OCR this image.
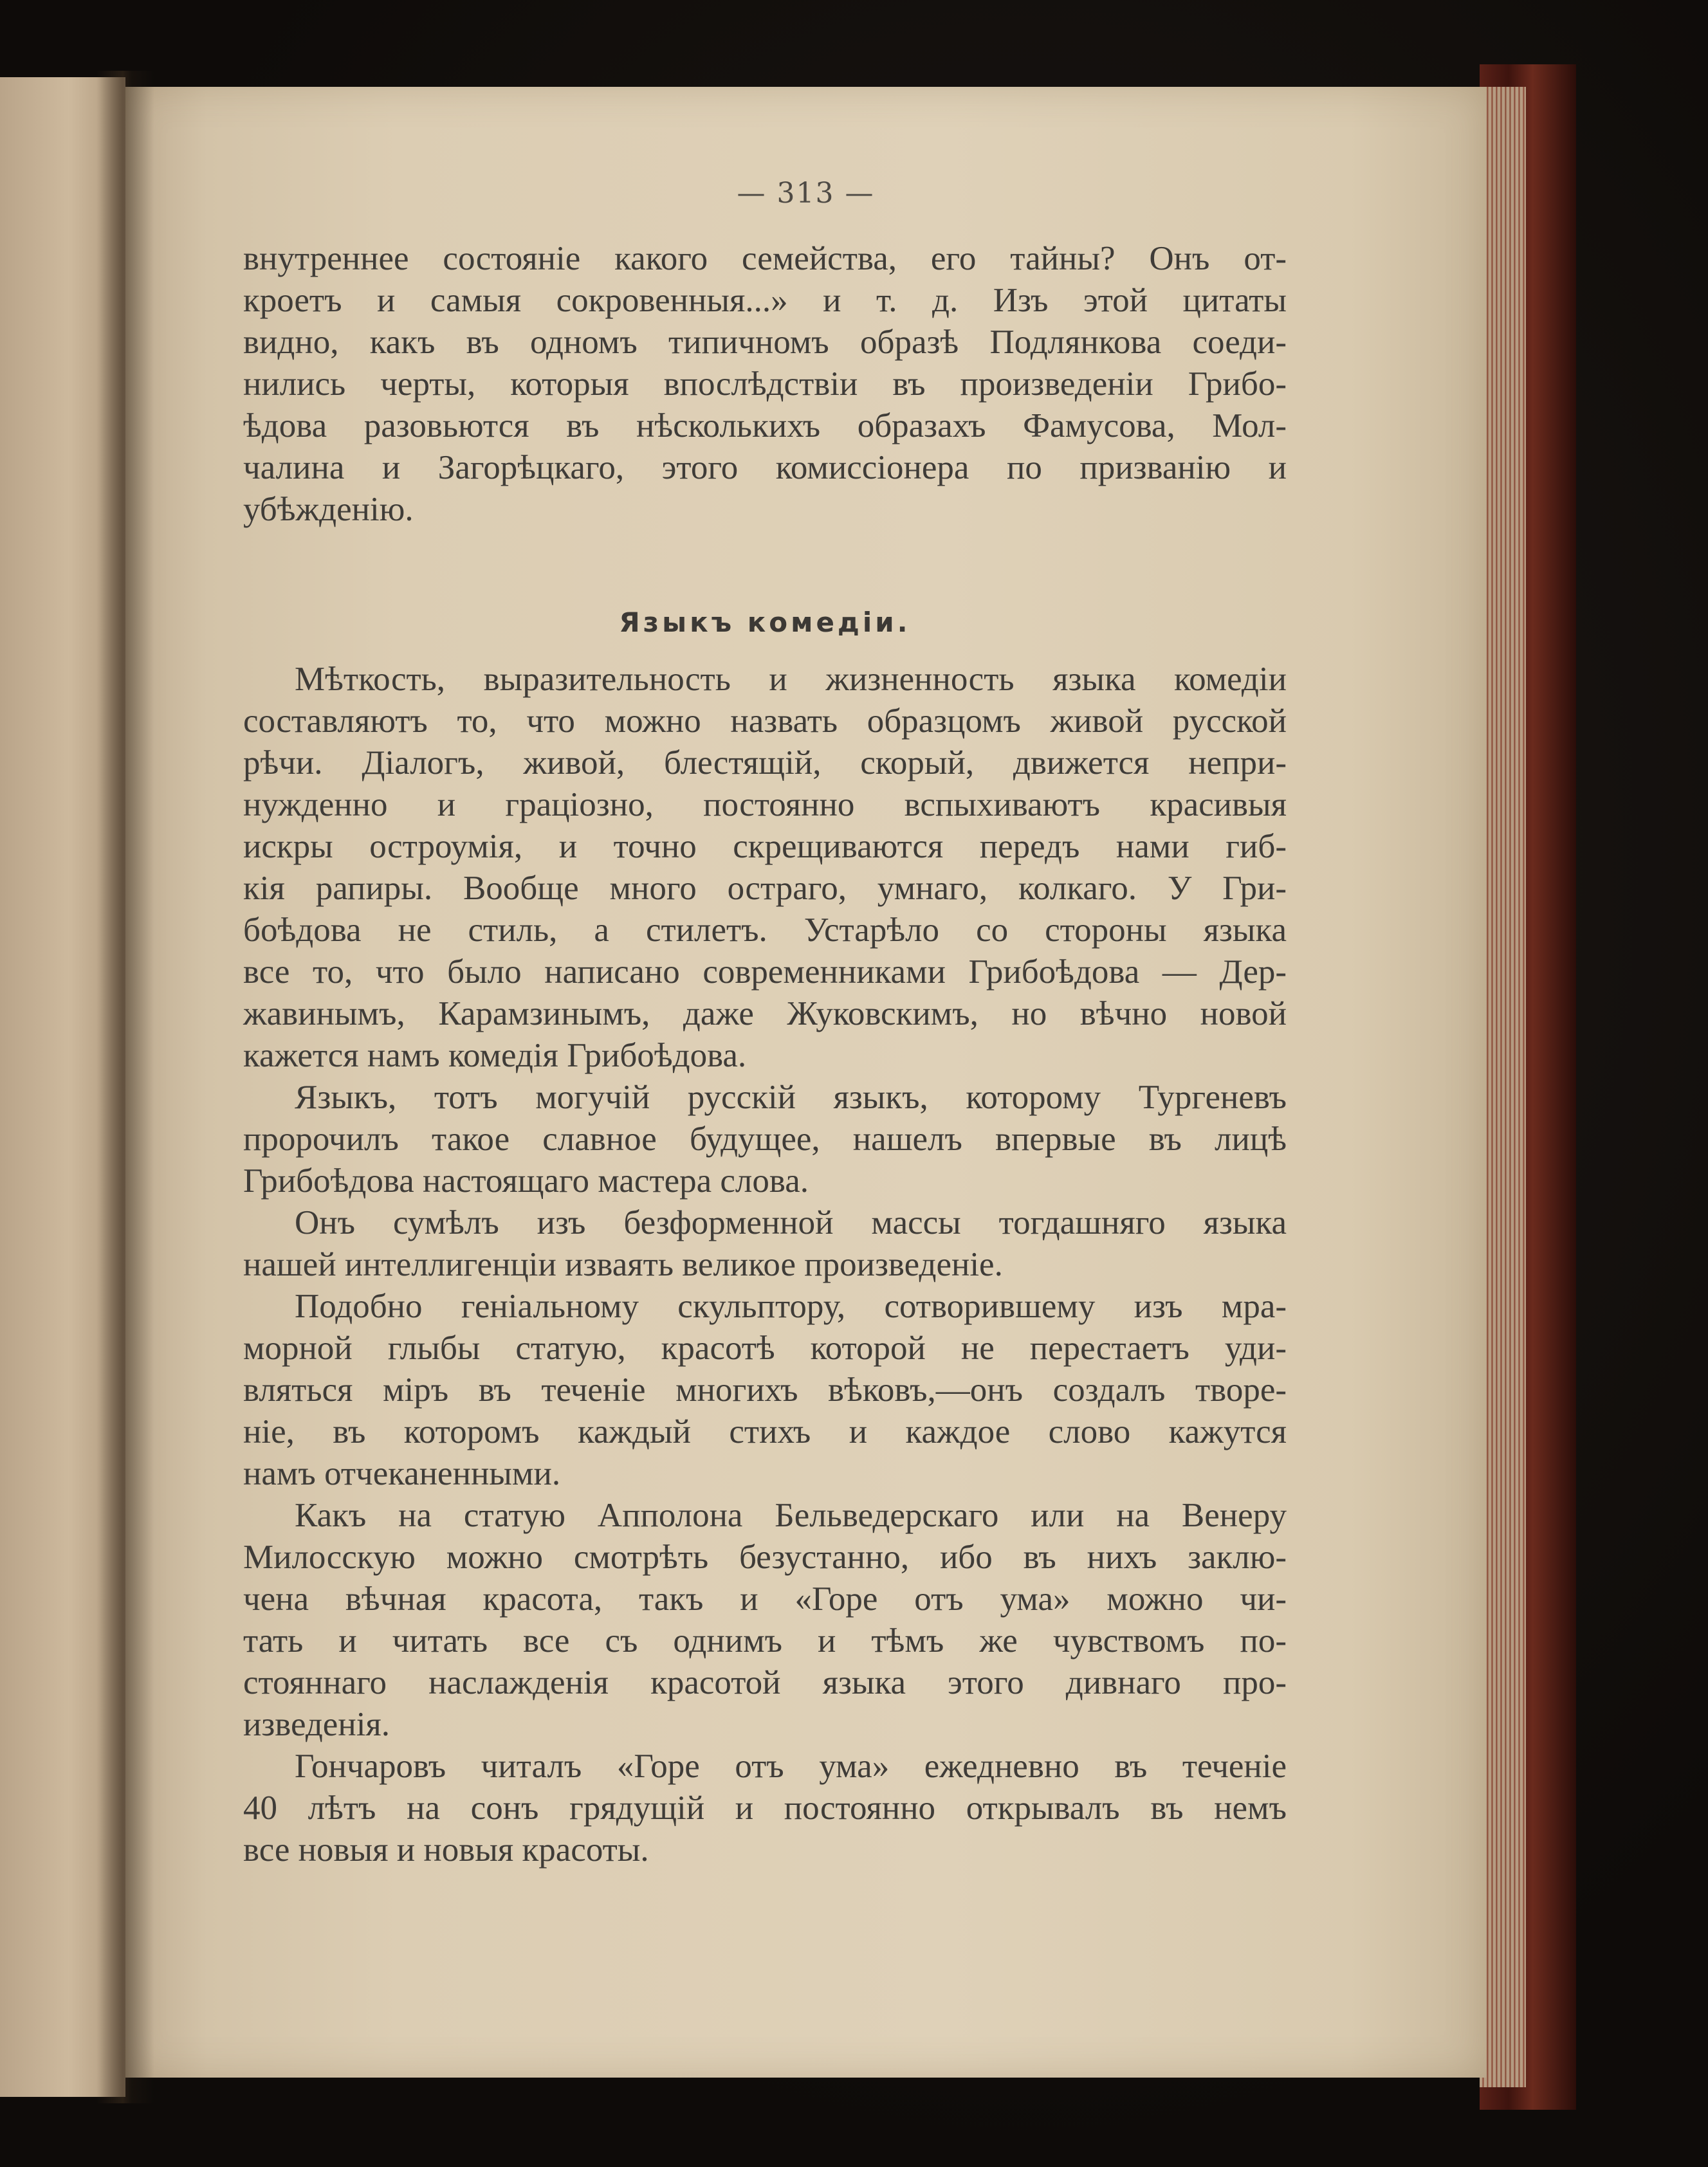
— 313 —

внутреннее состояніе какого семейства, его тайны? Онъ от-
кроетъ и самыя сокровенныя...» и т. д. Изъ этой цитаты
видно, какъ въ одномъ типичномъ образѣ Подлянкова соеди-
нились черты, которыя впослѣдствіи въ произведеніи Грибо-
ѣдова разовьются въ нѣсколькихъ образахъ Фамусова, Мол-
чалина и Загорѣцкаго, этого комиссіонера по призванію и
убѣжденію.

Языкъ комедіи.

Мѣткость, выразительность и жизненность языка комедіи
составляютъ то, что можно назвать образцомъ живой русской
рѣчи. Діалогъ, живой, блестящій, скорый, движется непри-
нужденно и граціозно, постоянно вспыхиваютъ красивыя
искры остроумія, и точно скрещиваются передъ нами гиб-
кія рапиры. Вообще много остраго, умнаго, колкаго. У Гри-
боѣдова не стиль, а стилетъ. Устарѣло со стороны языка
все то, что было написано современниками Грибоѣдова — Дер-
жавинымъ, Карамзинымъ, даже Жуковскимъ, но вѣчно новой
кажется намъ комедія Грибоѣдова.

Языкъ, тотъ могучій русскій языкъ, которому Тургеневъ
пророчилъ такое славное будущее, нашелъ впервые въ лицѣ
Грибоѣдова настоящаго мастера слова.

Онъ сумѣлъ изъ безформенной массы тогдашняго языка
нашей интеллигенціи изваять великое произведеніе.

Подобно геніальному скульптору, сотворившему изъ мра-
морной глыбы статую, красотѣ которой не перестаетъ уди-
вляться міръ въ теченіе многихъ вѣковъ,—онъ создалъ творе-
ніе, въ которомъ каждый стихъ и каждое слово кажутся
намъ отчеканенными.

Какъ на статую Апполона Бельведерскаго или на Венеру
Милосскую можно смотрѣть безустанно, ибо въ нихъ заклю-
чена вѣчная красота, такъ и «Горе отъ ума» можно чи-
тать и читать все съ однимъ и тѣмъ же чувствомъ по-
стояннаго наслажденія красотой языка этого дивнаго про-
изведенія.

Гончаровъ читалъ «Горе отъ ума» ежедневно въ теченіе
40 лѣтъ на сонъ грядущій и постоянно открывалъ въ немъ
все новыя и новыя красоты.
